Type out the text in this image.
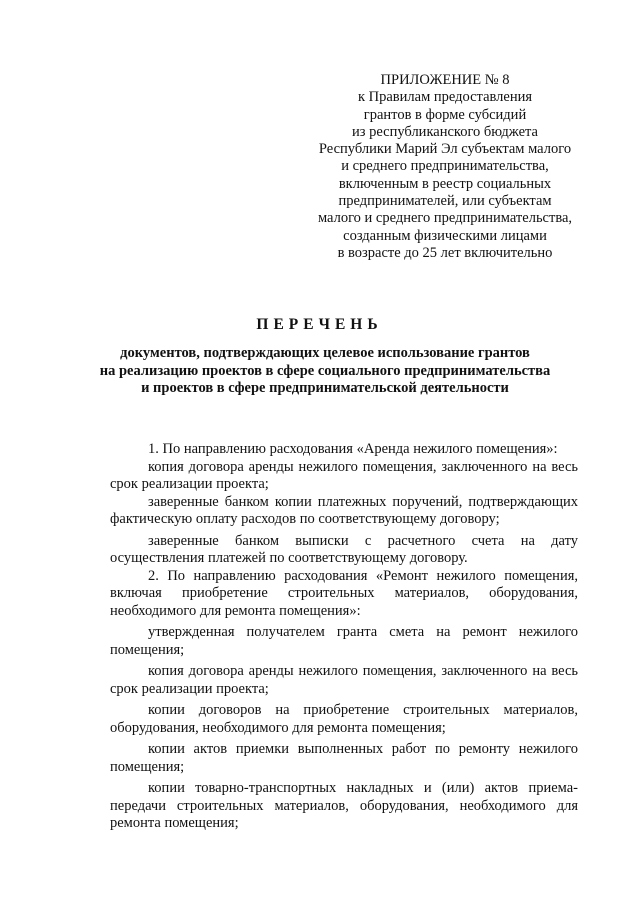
ПРИЛОЖЕНИЕ № 8
к Правилам предоставления
грантов в форме субсидий
из республиканского бюджета
Республики Марий Эл субъектам малого
и среднего предпринимательства,
включенным в реестр социальных
предпринимателей, или субъектам
малого и среднего предпринимательства,
созданным физическими лицами
в возрасте до 25 лет включительно
ПЕРЕЧЕНЬ
документов, подтверждающих целевое использование грантов
на реализацию проектов в сфере социального предпринимательства
и проектов в сфере предпринимательской деятельности
1. По направлению расходования «Аренда нежилого помещения»:
копия договора аренды нежилого помещения, заключенного на весь срок реализации проекта;
заверенные банком копии платежных поручений, подтверждающих фактическую оплату расходов по соответствующему договору;
заверенные банком выписки с расчетного счета на дату осуществления платежей по соответствующему договору.
2. По направлению расходования «Ремонт нежилого помещения, включая приобретение строительных материалов, оборудования, необходимого для ремонта помещения»:
утвержденная получателем гранта смета на ремонт нежилого помещения;
копия договора аренды нежилого помещения, заключенного на весь срок реализации проекта;
копии договоров на приобретение строительных материалов, оборудования, необходимого для ремонта помещения;
копии актов приемки выполненных работ по ремонту нежилого помещения;
копии товарно-транспортных накладных и (или) актов приема-передачи строительных материалов, оборудования, необходимого для ремонта помещения;
